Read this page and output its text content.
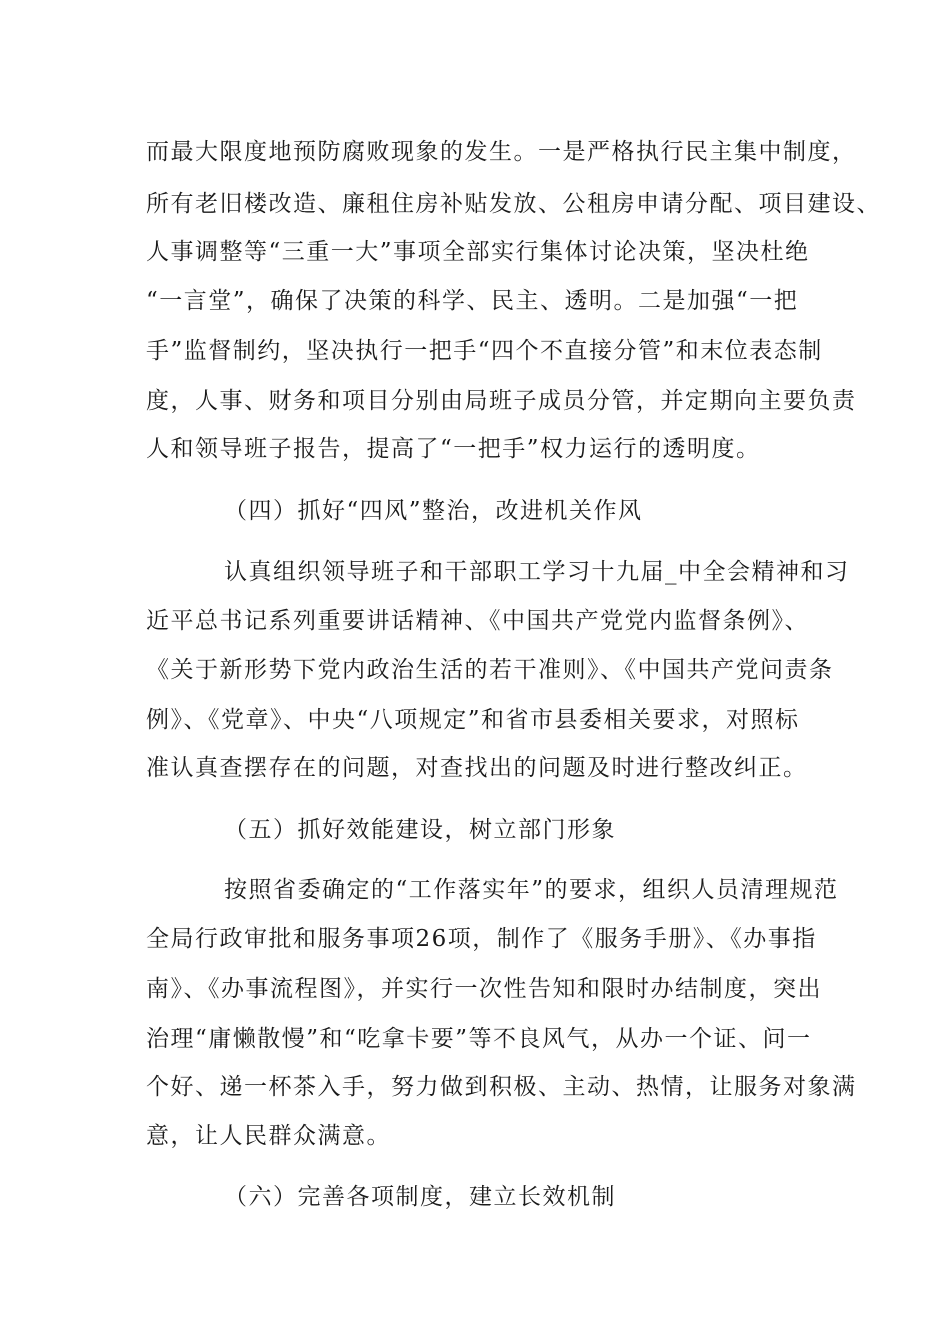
而最大限度地预防腐败现象的发生。一是严格执行民主集中制度，
所有老旧楼改造、廉租住房补贴发放、公租房申请分配、项目建设、
人事调整等“三重一大”事项全部实行集体讨论决策，坚决杜绝
“一言堂”，确保了决策的科学、民主、透明。二是加强“一把
手”监督制约，坚决执行一把手“四个不直接分管”和末位表态制
度，人事、财务和项目分别由局班子成员分管，并定期向主要负责
人和领导班子报告，提高了“一把手”权力运行的透明度。
（四）抓好“四风”整治，改进机关作风
认真组织领导班子和干部职工学习十九届_中全会精神和习
近平总书记系列重要讲话精神、《中国共产党党内监督条例》、
《关于新形势下党内政治生活的若干准则》、《中国共产党问责条
例》、《党章》、中央“八项规定”和省市县委相关要求，对照标
准认真查摆存在的问题，对查找出的问题及时进行整改纠正。
（五）抓好效能建设，树立部门形象
按照省委确定的“工作落实年”的要求，组织人员清理规范
全局行政审批和服务事项26项，制作了《服务手册》、《办事指
南》、《办事流程图》，并实行一次性告知和限时办结制度，突出
治理“庸懒散慢”和“吃拿卡要”等不良风气，从办一个证、问一
个好、递一杯茶入手，努力做到积极、主动、热情，让服务对象满
意，让人民群众满意。
（六）完善各项制度，建立长效机制
